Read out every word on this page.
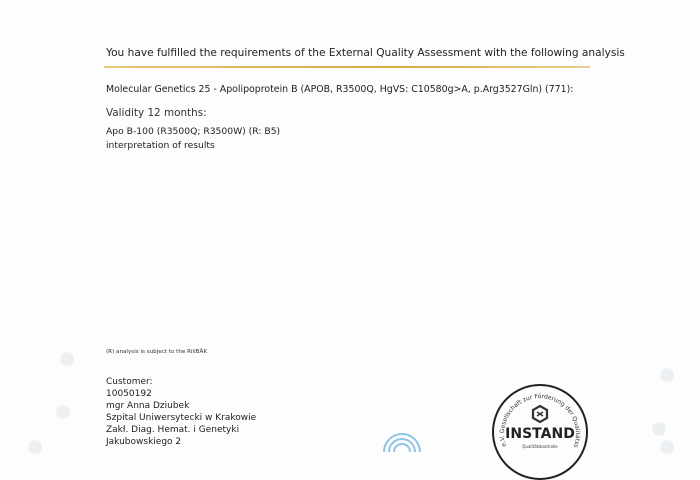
You have fulfilled the requirements of the External Quality Assessment with the following analysis
Molecular Genetics 25 - Apolipoprotein B (APOB, R3500Q, HgVS: C10580g>A, p.Arg3527Gln) (771):
Validity 12 months:
Apo B-100 (R3500Q; R3500W) (R: B5)
interpretation of results
(R) analysis is subject to the RiliBÄK
Customer:
10050192
mgr Anna Dziubek
Szpital Uniwersytecki w Krakowie
Zakł. Diag. Hemat. i Genetyki
Jakubowskiego 2	e.V. Gesellschaft zur Förderung der Qualitätss
INSTAND
Qualitätskontrolle
